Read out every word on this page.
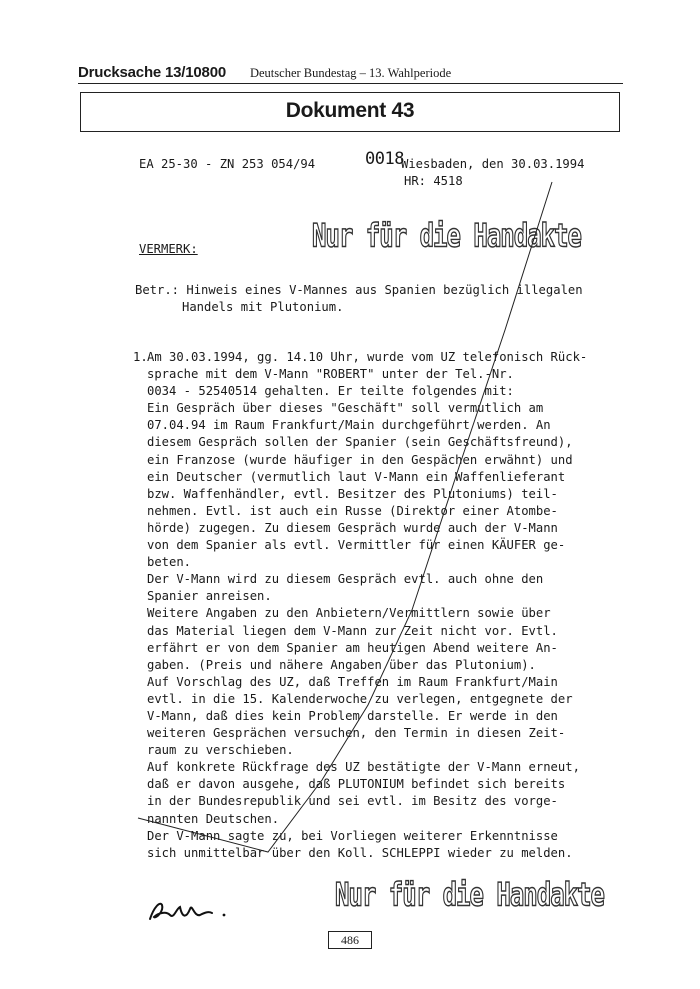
Drucksache 13/10800 Deutscher Bundestag – 13. Wahlperiode
Dokument 43
EA 25-30 - ZN 253 054/94	0018
Wiesbaden, den 30.03.1994
HR: 4518
Nur für die Handakte
VERMERK:
Betr.: Hinweis eines V-Mannes aus Spanien bezüglich illegalen
Handels mit Plutonium.
1. Am 30.03.1994, gg. 14.10 Uhr, wurde vom UZ telefonisch Rück-
sprache mit dem V-Mann "ROBERT" unter der Tel.-Nr.
0034 - 52540514 gehalten. Er teilte folgendes mit:
Ein Gespräch über dieses "Geschäft" soll vermutlich am
07.04.94 im Raum Frankfurt/Main durchgeführt werden. An
diesem Gespräch sollen der Spanier (sein Geschäftsfreund),
ein Franzose (wurde häufiger in den Gespächen erwähnt) und
ein Deutscher (vermutlich laut V-Mann ein Waffenlieferant
bzw. Waffenhändler, evtl. Besitzer des Plutoniums) teil-
nehmen. Evtl. ist auch ein Russe (Direktor einer Atombe-
hörde) zugegen. Zu diesem Gespräch wurde auch der V-Mann
von dem Spanier als evtl. Vermittler für einen KÄUFER ge-
beten.
Der V-Mann wird zu diesem Gespräch evtl. auch ohne den
Spanier anreisen.
Weitere Angaben zu den Anbietern/Vermittlern sowie über
das Material liegen dem V-Mann zur Zeit nicht vor. Evtl.
erfährt er von dem Spanier am heutigen Abend weitere An-
gaben. (Preis und nähere Angaben über das Plutonium).
Auf Vorschlag des UZ, daß Treffen im Raum Frankfurt/Main
evtl. in die 15. Kalenderwoche zu verlegen, entgegnete der
V-Mann, daß dies kein Problem darstelle. Er werde in den
weiteren Gesprächen versuchen, den Termin in diesen Zeit-
raum zu verschieben.
Auf konkrete Rückfrage des UZ bestätigte der V-Mann erneut,
daß er davon ausgehe, daß PLUTONIUM befindet sich bereits
in der Bundesrepublik und sei evtl. im Besitz des vorge-
nannten Deutschen.
Der V-Mann sagte zu, bei Vorliegen weiterer Erkenntnisse
sich unmittelbar über den Koll. SCHLEPPI wieder zu melden.
Nur für die Handakte
486
